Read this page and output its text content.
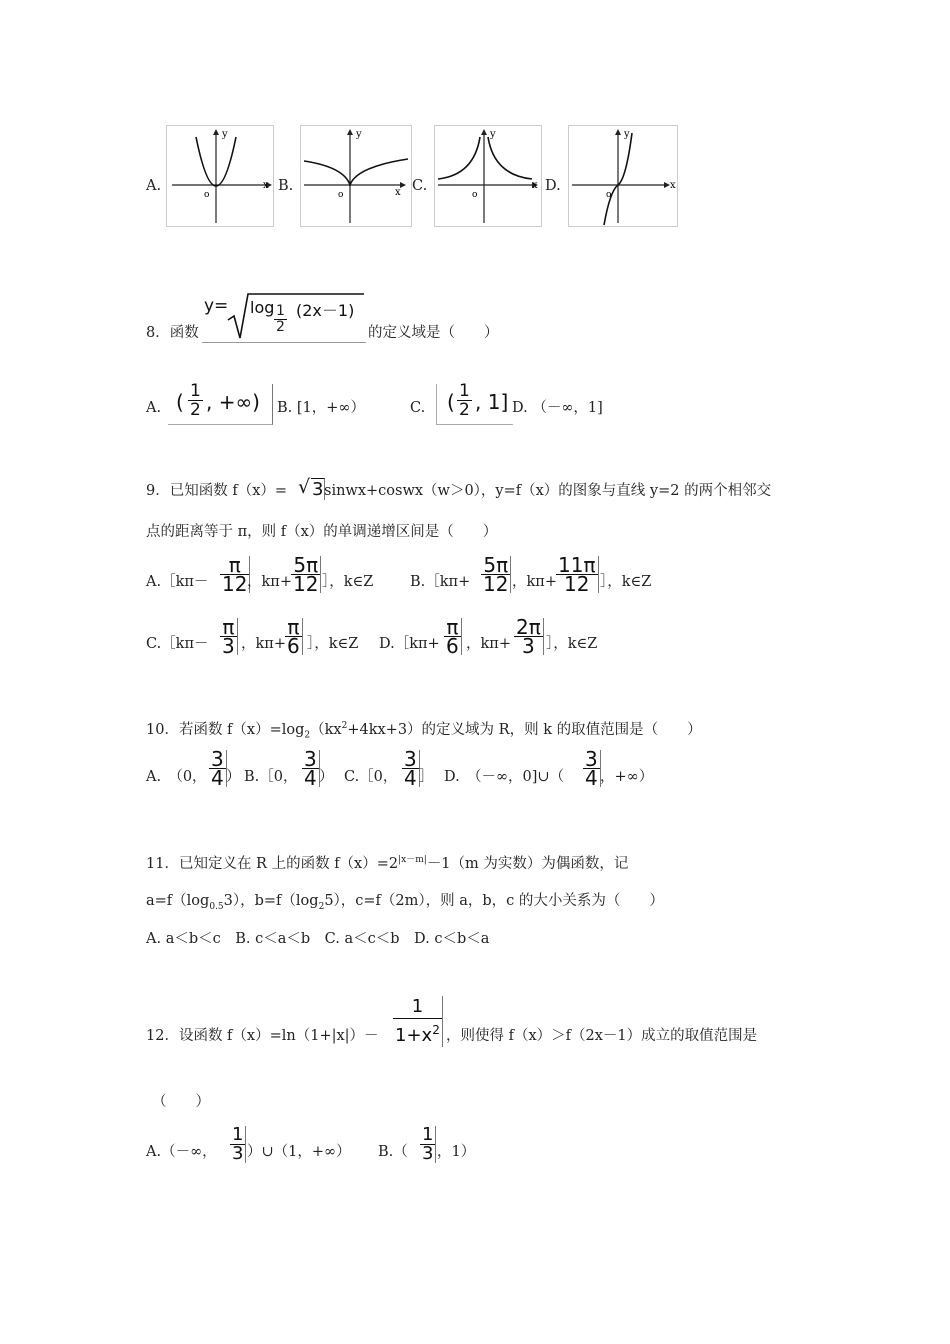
A.
y
x
o
B.
y
x
o
C.
y
x
o
D.
y
x
o
8．函数
$y= \log \frac{1}{2} (2x-1)$
的定义域是（　　）
A. ( $\frac{1}{2}$ , +∞) B. [1，+∞）	C. ( $\frac{1}{2}$ , 1] D. （－∞，1]
9．已知函数 f（x）= √ 3 sinwx+coswx（w＞0），y=f（x）的图象与直线 y=2 的两个相邻交
点的距离等于 π，则 f（x）的单调递增区间是（　　）
A.［kπ－ $\frac{\pi}{12}$
，$k\pi+ \frac{5\pi}{12}$ ］，k∈Z	B.［kπ+ $\frac{5\pi}{12}$ ，$k\pi+ \frac{11\pi}{12}$ ］，k∈Z
C.［kπ－ $\frac{\pi}{3}$ ，$k\pi+ \frac{\pi}{6}$ ］，k∈Z D.［kπ+ $\frac{\pi}{6}$ ，$k\pi+ \frac{2\pi}{3}$ ］，k∈Z
10．若函数 $f(x)=\log_2(kx^2+4kx+3)$的定义域为 R，则 k 的取值范围是（　　）
A.　（0， $\frac{3}{4}$ ） B.［0， $\frac{3}{4}$ ） C.［0， $\frac{3}{4}$ ］ D.　（－∞，0]∪（ $\frac{3}{4}$ ，+∞）
11．已知定义在 R 上的函数 $f(x)=2^{|x-m|}-1(m$ 为实数）为偶函数，记
$a=f(\log_{0.5}3)$，$b=f(\log_25)$，c=f（2m），则 a，b，c 的大小关系为（　　）
A. a＜b＜c　B. c＜a＜b　C. a＜c＜b　D. c＜b＜a
12．设函数 $f(x)=\ln(1+|x|)- \frac{1}{1+x^2}$ ，则使得 f（x）＞f（2x－1）成立的取值范围是
（　　）
A.（－∞， $\frac{1}{3}$ ）∪（1，+∞） $B.( \frac{1}{3}$ ，1）
